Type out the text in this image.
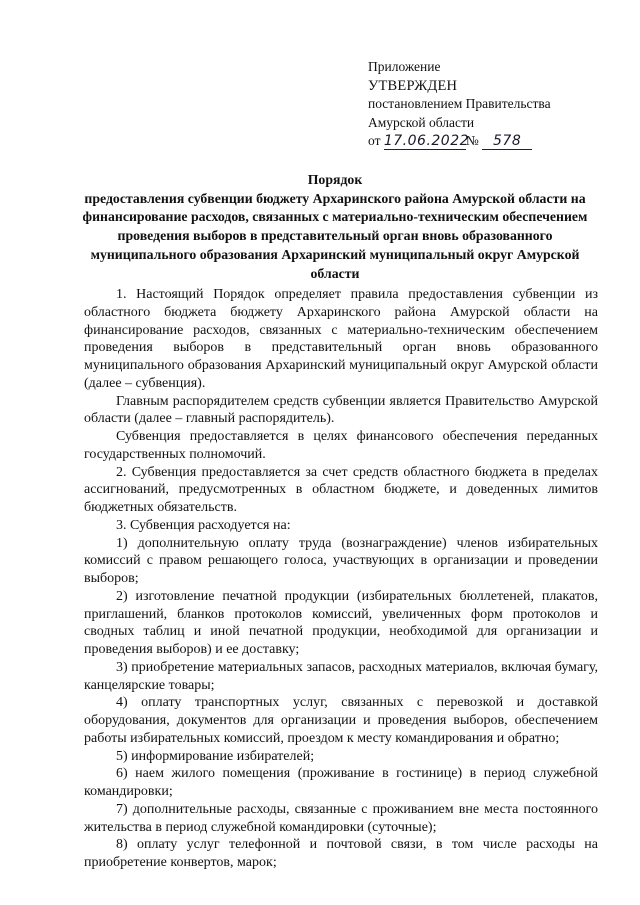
Приложение
УТВЕРЖДЕН
постановлением Правительства
Амурской области
от 17.06.2022№ 578
Порядок
предоставления субвенции бюджету Архаринского района Амурской области на финансирование расходов, связанных с материально-техническим обеспечением проведения выборов в представительный орган вновь образованного муниципального образования Архаринский муниципальный округ Амурской области

1. Настоящий Порядок определяет правила предоставления субвенции из областного бюджета бюджету Архаринского района Амурской области на финансирование расходов, связанных с материально-техническим обеспечением проведения выборов в представительный орган вновь образованного муниципального образования Архаринский муниципальный округ Амурской области (далее – субвенция).

Главным распорядителем средств субвенции является Правительство Амурской области (далее – главный распорядитель).

Субвенция предоставляется в целях финансового обеспечения переданных государственных полномочий.

2. Субвенция предоставляется за счет средств областного бюджета в пределах ассигнований, предусмотренных в областном бюджете, и доведенных лимитов бюджетных обязательств.

3. Субвенция расходуется на:

1) дополнительную оплату труда (вознаграждение) членов избирательных комиссий с правом решающего голоса, участвующих в организации и проведении выборов;

2) изготовление печатной продукции (избирательных бюллетеней, плакатов, приглашений, бланков протоколов комиссий, увеличенных форм протоколов и сводных таблиц и иной печатной продукции, необходимой для организации и проведения выборов) и ее доставку;

3) приобретение материальных запасов, расходных материалов, включая бумагу, канцелярские товары;

4) оплату транспортных услуг, связанных с перевозкой и доставкой оборудования, документов для организации и проведения выборов, обеспечением работы избирательных комиссий, проездом к месту командирования и обратно;

5) информирование избирателей;

6) наем жилого помещения (проживание в гостинице) в период служебной командировки;

7) дополнительные расходы, связанные с проживанием вне места постоянного жительства в период служебной командировки (суточные);

8) оплату услуг телефонной и почтовой связи, в том числе расходы на приобретение конвертов, марок;
